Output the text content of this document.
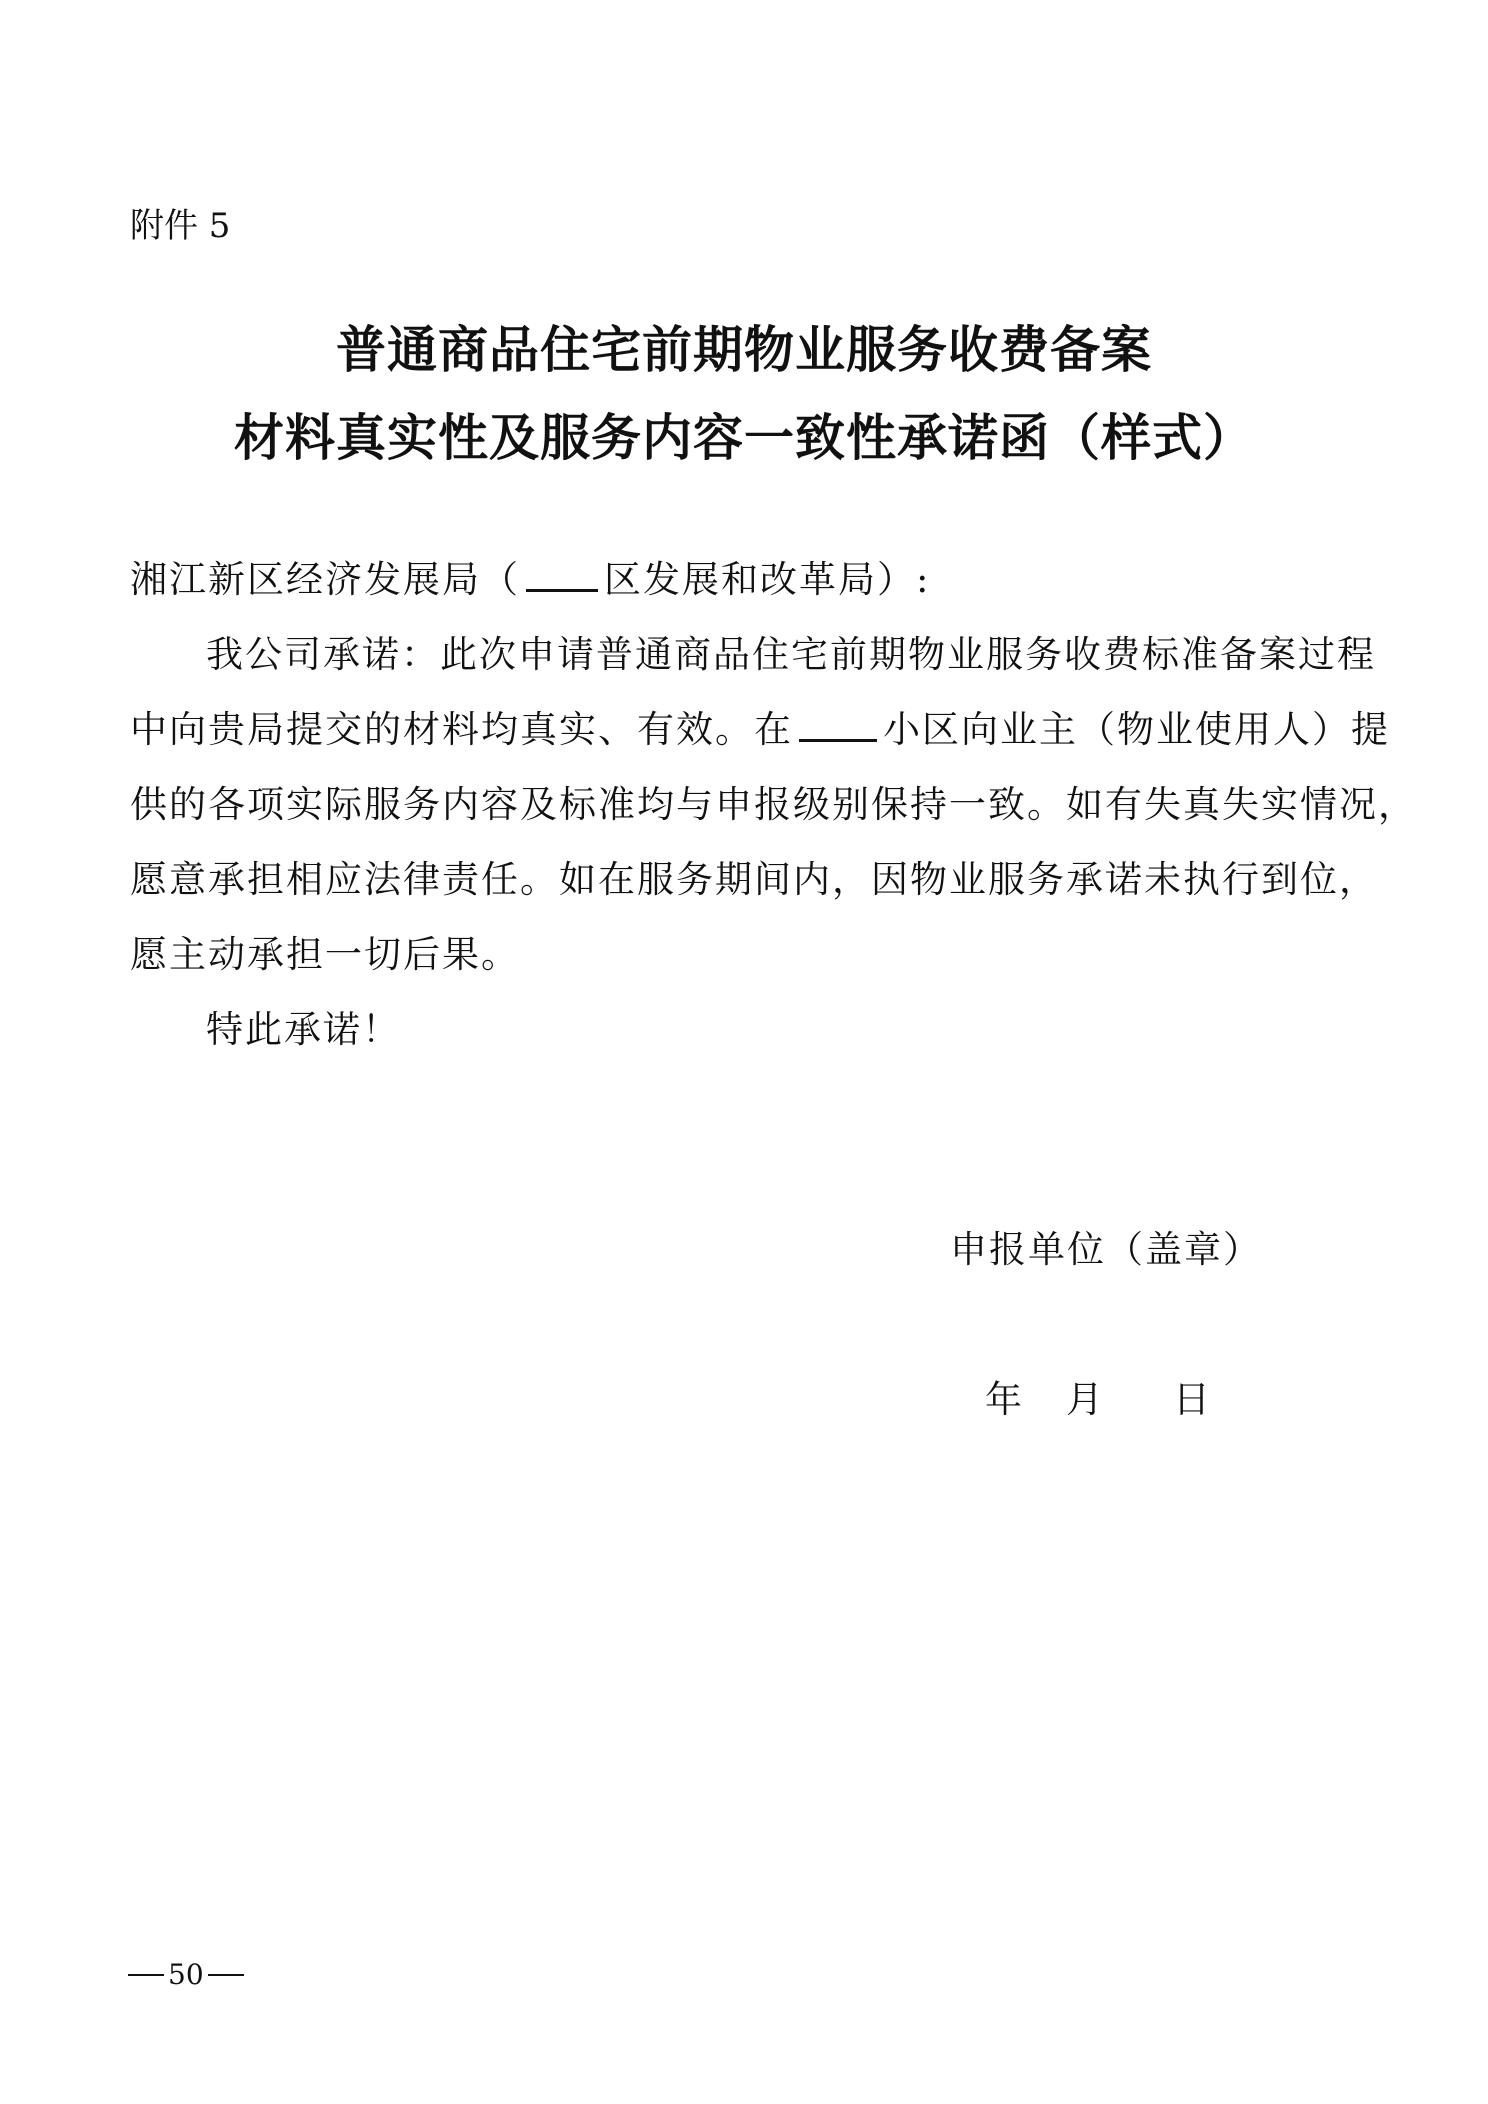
附件 5
普通商品住宅前期物业服务收费备案
材料真实性及服务内容一致性承诺函（样式）
湘江新区经济发展局（ 区发展和改革局）:
我公司承诺：此次申请普通商品住宅前期物业服务收费标准备案过程
中向贵局提交的材料均真实、有效。在 小区向业主（物业使用人）提
供的各项实际服务内容及标准均与申报级别保持一致。如有失真失实情况，
愿意承担相应法律责任。如在服务期间内，因物业服务承诺未执行到位，
愿主动承担一切后果。
特此承诺！
申报单位（盖章）
年 月 日
50
